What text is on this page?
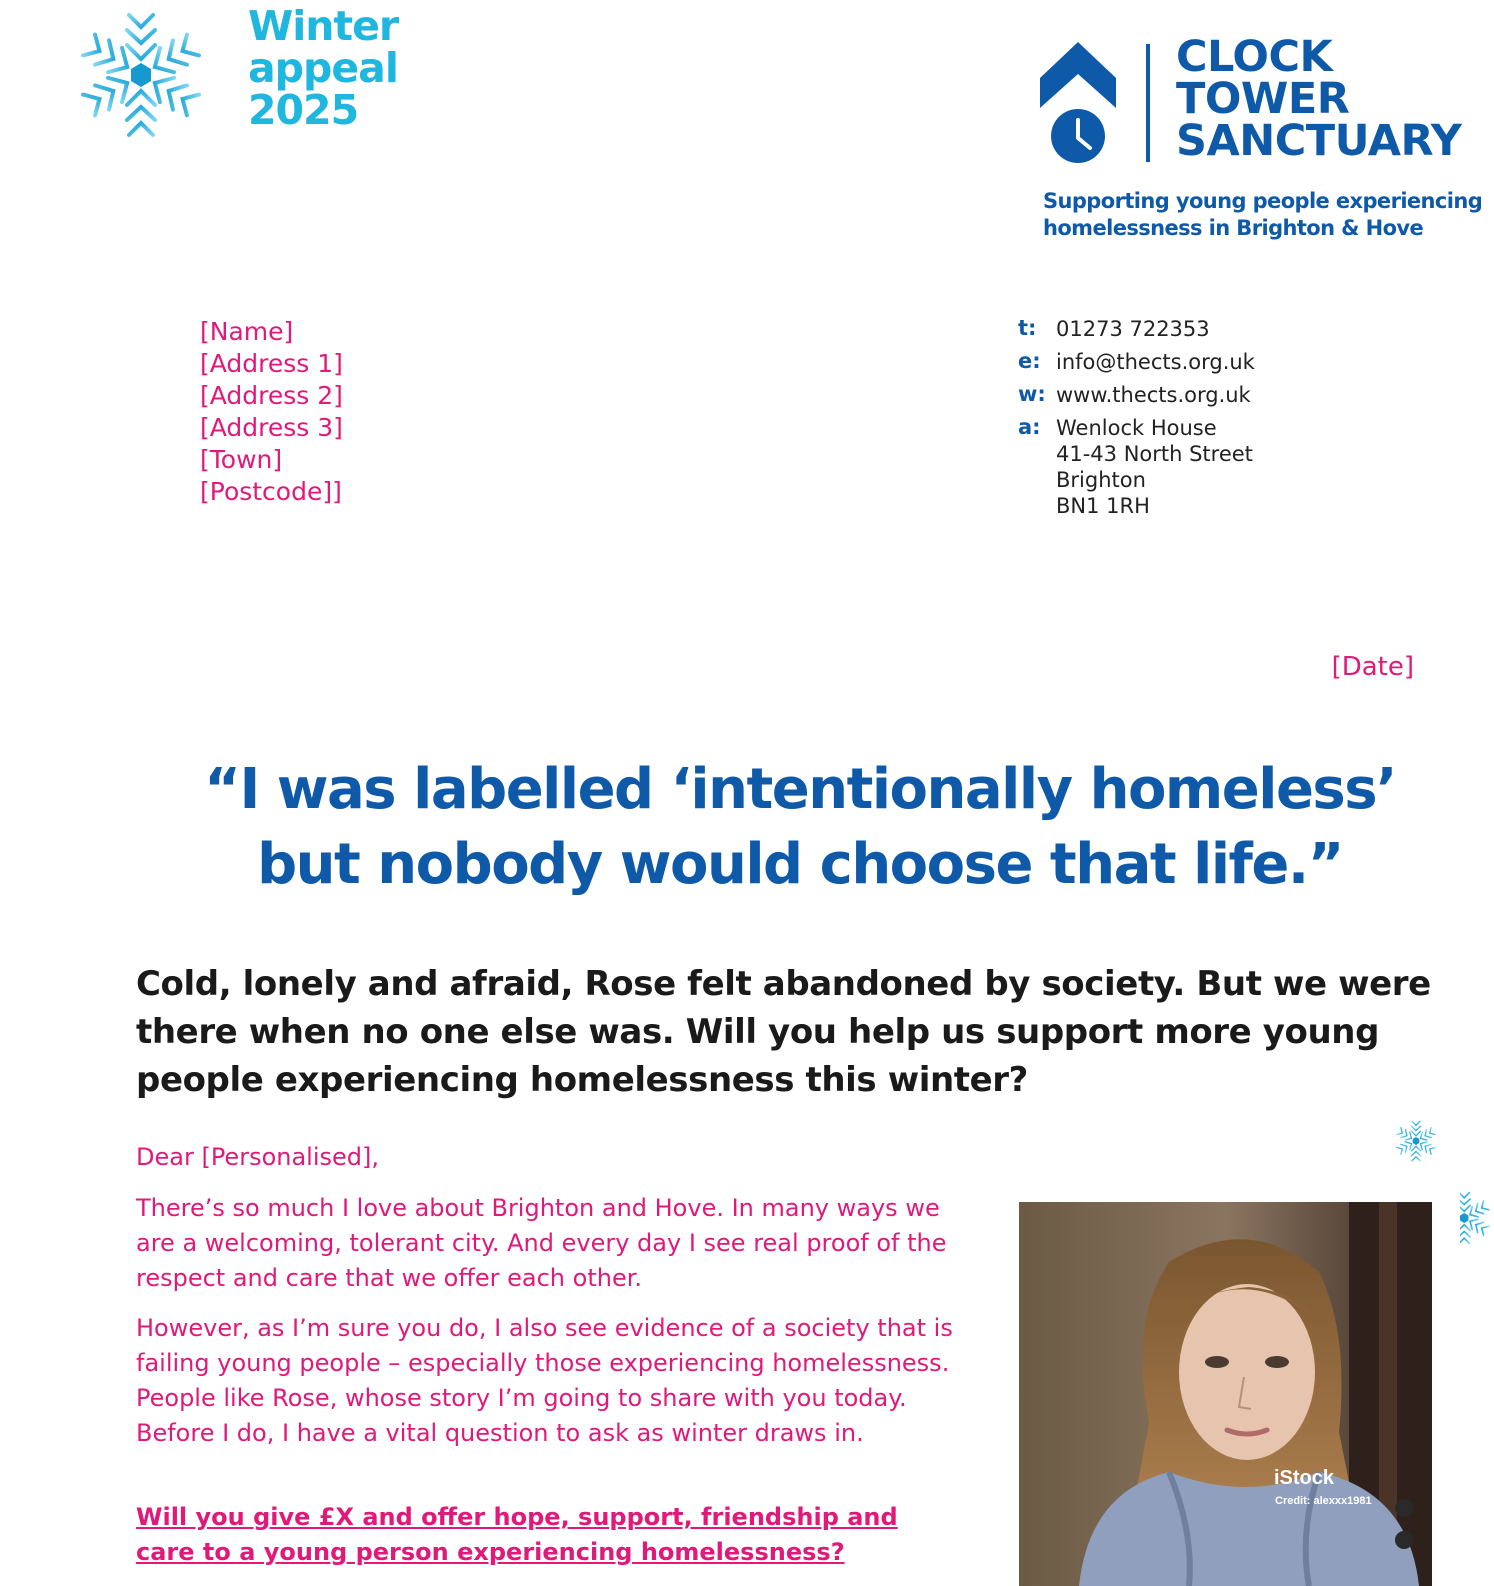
Winter
appeal
2025
CLOCK
TOWER
SANCTUARY
Supporting young people experiencing
homelessness in Brighton & Hove
[Name]
[Address 1]
[Address 2]
[Address 3]
[Town]
[Postcode]]
t: 01273 722353
e: info@thects.org.uk
w: www.thects.org.uk
a: Wenlock House
41-43 North Street
Brighton
BN1 1RH
[Date]
“I was labelled ‘intentionally homeless’
but nobody would choose that life.”
Cold, lonely and afraid, Rose felt abandoned by society. But we were there when no one else was. Will you help us support more young people experiencing homelessness this winter?
Dear [Personalised],
There’s so much I love about Brighton and Hove. In many ways we are a welcoming, tolerant city. And every day I see real proof of the respect and care that we offer each other.
However, as I’m sure you do, I also see evidence of a society that is failing young people – especially those experiencing homelessness. People like Rose, whose story I’m going to share with you today. Before I do, I have a vital question to ask as winter draws in.
Will you give £X and offer hope, support, friendship and care to a young person experiencing homelessness?
iStock
Credit: alexxx1981
